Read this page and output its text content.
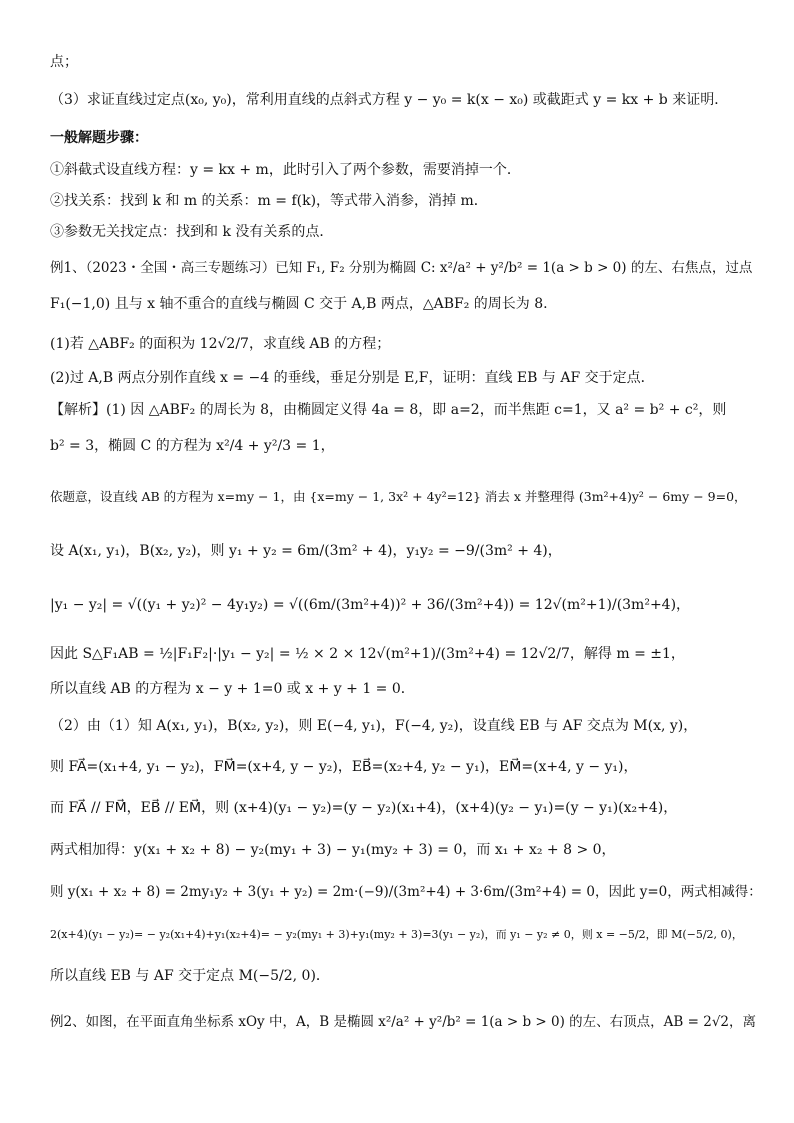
点；
（3）求证直线过定点(x₀, y₀)，常利用直线的点斜式方程 y − y₀ = k(x − x₀) 或截距式 y = kx + b 来证明．
一般解题步骤：
①斜截式设直线方程：y = kx + m，此时引入了两个参数，需要消掉一个．
②找关系：找到 k 和 m 的关系：m = f(k)，等式带入消参，消掉 m．
③参数无关找定点：找到和 k 没有关系的点．
例1、（2023・全国・高三专题练习）已知 F₁, F₂ 分别为椭圆 C: x²/a² + y²/b² = 1(a > b > 0) 的左、右焦点，过点
F₁(−1,0) 且与 x 轴不重合的直线与椭圆 C 交于 A,B 两点，△ABF₂ 的周长为 8.
(1)若 △ABF₂ 的面积为 12√2/7，求直线 AB 的方程；
(2)过 A,B 两点分别作直线 x = −4 的垂线，垂足分别是 E,F，证明：直线 EB 与 AF 交于定点．
【解析】(1) 因 △ABF₂ 的周长为 8，由椭圆定义得 4a = 8，即 a=2，而半焦距 c=1，又 a² = b² + c²，则
b² = 3，椭圆 C 的方程为 x²/4 + y²/3 = 1，
依题意，设直线 AB 的方程为 x=my − 1，由 {x=my − 1, 3x² + 4y²=12} 消去 x 并整理得 (3m²+4)y² − 6my − 9=0，
设 A(x₁, y₁)，B(x₂, y₂)，则 y₁ + y₂ = 6m/(3m² + 4)，y₁y₂ = −9/(3m² + 4)，
|y₁ − y₂| = √((y₁ + y₂)² − 4y₁y₂) = √((6m/(3m²+4))² + 36/(3m²+4)) = 12√(m²+1)/(3m²+4)，
因此 S△F₁AB = ½|F₁F₂|·|y₁ − y₂| = ½ × 2 × 12√(m²+1)/(3m²+4) = 12√2/7，解得 m = ±1，
所以直线 AB 的方程为 x − y + 1=0 或 x + y + 1 = 0．
（2）由（1）知 A(x₁, y₁)，B(x₂, y₂)，则 E(−4, y₁)，F(−4, y₂)，设直线 EB 与 AF 交点为 M(x, y)，
则 FA⃗=(x₁+4, y₁ − y₂)，FM⃗=(x+4, y − y₂)，EB⃗=(x₂+4, y₂ − y₁)，EM⃗=(x+4, y − y₁)，
而 FA⃗ // FM⃗，EB⃗ // EM⃗，则 (x+4)(y₁ − y₂)=(y − y₂)(x₁+4)，(x+4)(y₂ − y₁)=(y − y₁)(x₂+4)，
两式相加得：y(x₁ + x₂ + 8) − y₂(my₁ + 3) − y₁(my₂ + 3) = 0，而 x₁ + x₂ + 8 > 0，
则 y(x₁ + x₂ + 8) = 2my₁y₂ + 3(y₁ + y₂) = 2m·(−9)/(3m²+4) + 3·6m/(3m²+4) = 0，因此 y=0，两式相减得：
2(x+4)(y₁ − y₂)= − y₂(x₁+4)+y₁(x₂+4)= − y₂(my₁ + 3)+y₁(my₂ + 3)=3(y₁ − y₂)，而 y₁ − y₂ ≠ 0，则 x = −5/2，即 M(−5/2, 0)，
所以直线 EB 与 AF 交于定点 M(−5/2, 0)．
例2、如图，在平面直角坐标系 xOy 中，A，B 是椭圆 x²/a² + y²/b² = 1(a > b > 0) 的左、右顶点，AB = 2√2，离
